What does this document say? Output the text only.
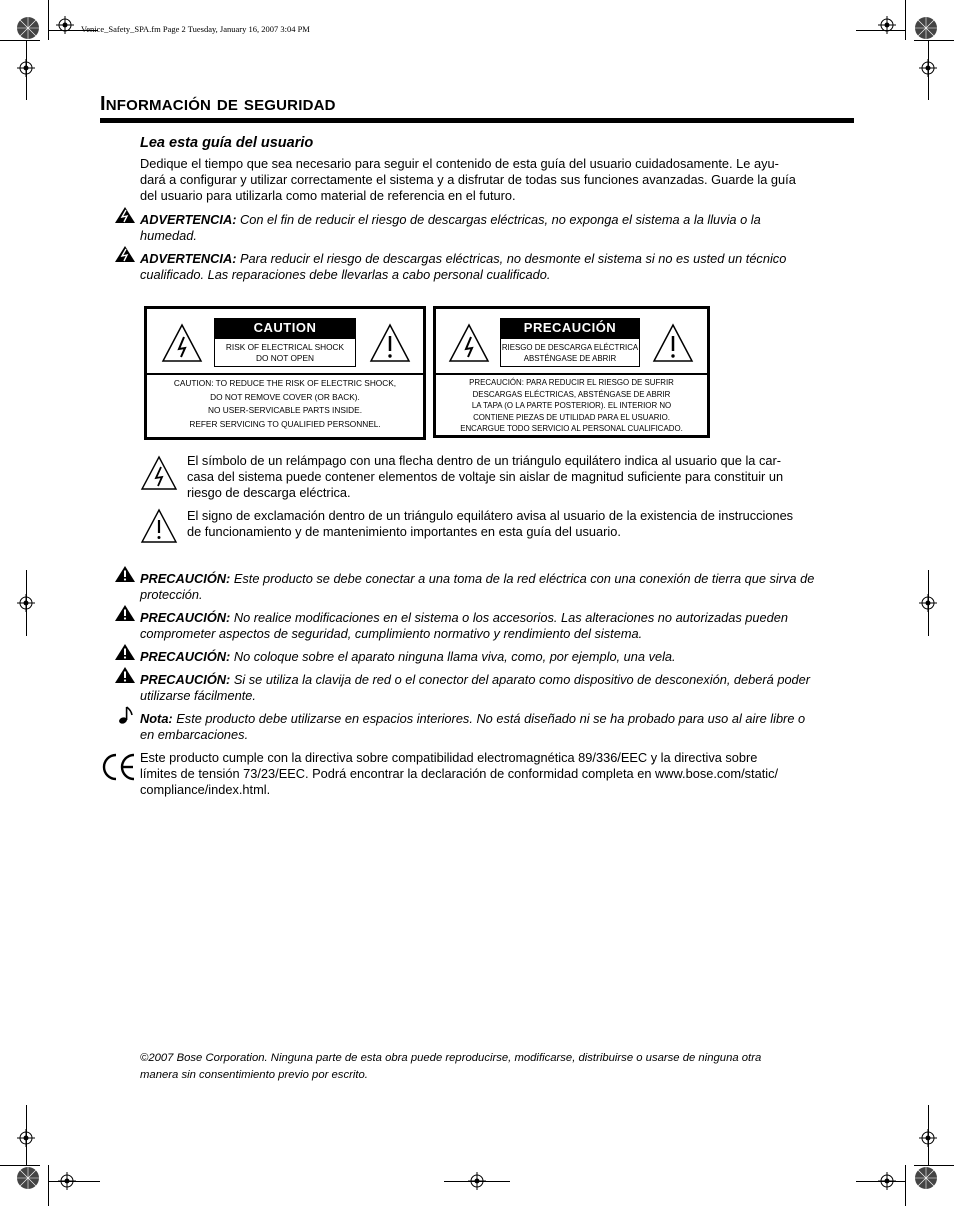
Venice_Safety_SPA.fm Page 2 Tuesday, January 16, 2007 3:04 PM
INFORMACIÓN DE SEGURIDAD
Lea esta guía del usuario
Dedique el tiempo que sea necesario para seguir el contenido de esta guía del usuario cuidadosamente. Le ayu-
dará a configurar y utilizar correctamente el sistema y a disfrutar de todas sus funciones avanzadas. Guarde la guía
del usuario para utilizarla como material de referencia en el futuro.
ADVERTENCIA: Con el fin de reducir el riesgo de descargas eléctricas, no exponga el sistema a la lluvia o la
humedad.
ADVERTENCIA: Para reducir el riesgo de descargas eléctricas, no desmonte el sistema si no es usted un técnico
cualificado. Las reparaciones debe llevarlas a cabo personal cualificado.
CAUTION
RISK OF ELECTRICAL SHOCK
DO NOT OPEN
CAUTION: TO REDUCE THE RISK OF ELECTRIC SHOCK,
DO NOT REMOVE COVER (OR BACK).
NO USER-SERVICABLE PARTS INSIDE.
REFER SERVICING TO QUALIFIED PERSONNEL.
PRECAUCIÓN
RIESGO DE DESCARGA ELÉCTRICA
ABSTÉNGASE DE ABRIR
PRECAUCIÓN: PARA REDUCIR EL RIESGO DE SUFRIR
DESCARGAS ELÉCTRICAS, ABSTÉNGASE DE ABRIR
LA TAPA (O LA PARTE POSTERIOR). EL INTERIOR NO
CONTIENE PIEZAS DE UTILIDAD PARA EL USUARIO.
ENCARGUE TODO SERVICIO AL PERSONAL CUALIFICADO.
El símbolo de un relámpago con una flecha dentro de un triángulo equilátero indica al usuario que la car-
casa del sistema puede contener elementos de voltaje sin aislar de magnitud suficiente para constituir un
riesgo de descarga eléctrica.
El signo de exclamación dentro de un triángulo equilátero avisa al usuario de la existencia de instrucciones
de funcionamiento y de mantenimiento importantes en esta guía del usuario.
PRECAUCIÓN: Este producto se debe conectar a una toma de la red eléctrica con una conexión de tierra que sirva de
protección.
PRECAUCIÓN: No realice modificaciones en el sistema o los accesorios. Las alteraciones no autorizadas pueden
comprometer aspectos de seguridad, cumplimiento normativo y rendimiento del sistema.
PRECAUCIÓN: No coloque sobre el aparato ninguna llama viva, como, por ejemplo, una vela.
PRECAUCIÓN: Si se utiliza la clavija de red o el conector del aparato como dispositivo de desconexión, deberá poder
utilizarse fácilmente.
Nota: Este producto debe utilizarse en espacios interiores. No está diseñado ni se ha probado para uso al aire libre o
en embarcaciones.
Este producto cumple con la directiva sobre compatibilidad electromagnética 89/336/EEC y la directiva sobre
límites de tensión 73/23/EEC. Podrá encontrar la declaración de conformidad completa en www.bose.com/static/
compliance/index.html.
©2007 Bose Corporation. Ninguna parte de esta obra puede reproducirse, modificarse, distribuirse o usarse de ninguna otra
manera sin consentimiento previo por escrito.
